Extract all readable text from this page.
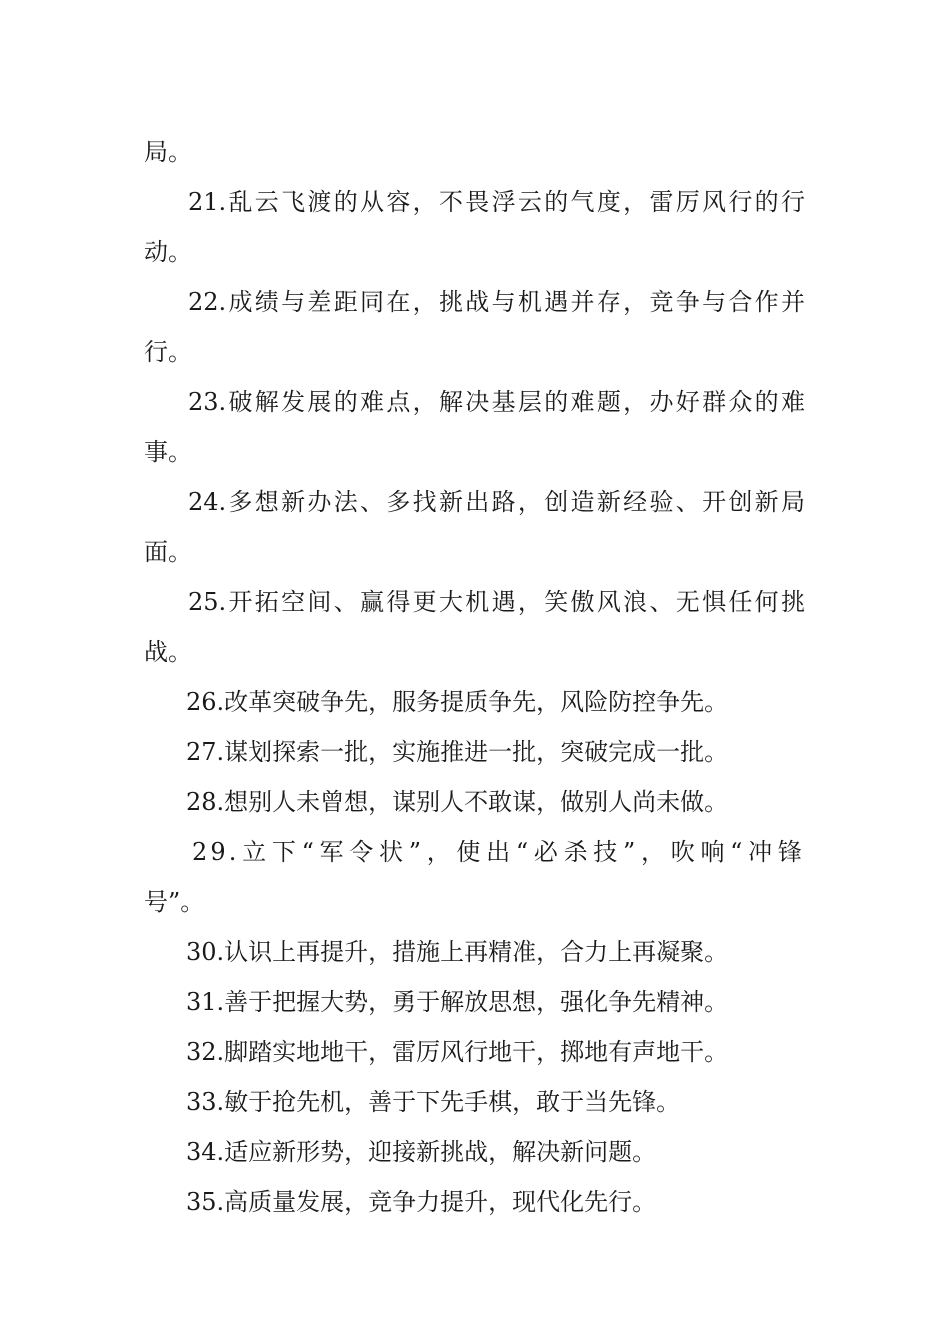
局。
21.乱云飞渡的从容，不畏浮云的气度，雷厉风行的行
动。
22.成绩与差距同在，挑战与机遇并存，竞争与合作并
行。
23.破解发展的难点，解决基层的难题，办好群众的难
事。
24.多想新办法、多找新出路，创造新经验、开创新局
面。
25.开拓空间、赢得更大机遇，笑傲风浪、无惧任何挑
战。
26.改革突破争先，服务提质争先，风险防控争先。
27.谋划探索一批，实施推进一批，突破完成一批。
28.想别人未曾想，谋别人不敢谋，做别人尚未做。
29.立下“军令状”，使出“必杀技”，吹响“冲锋
号”。
30.认识上再提升，措施上再精准，合力上再凝聚。
31.善于把握大势，勇于解放思想，强化争先精神。
32.脚踏实地地干，雷厉风行地干，掷地有声地干。
33.敏于抢先机，善于下先手棋，敢于当先锋。
34.适应新形势，迎接新挑战，解决新问题。
35.高质量发展，竞争力提升，现代化先行。
